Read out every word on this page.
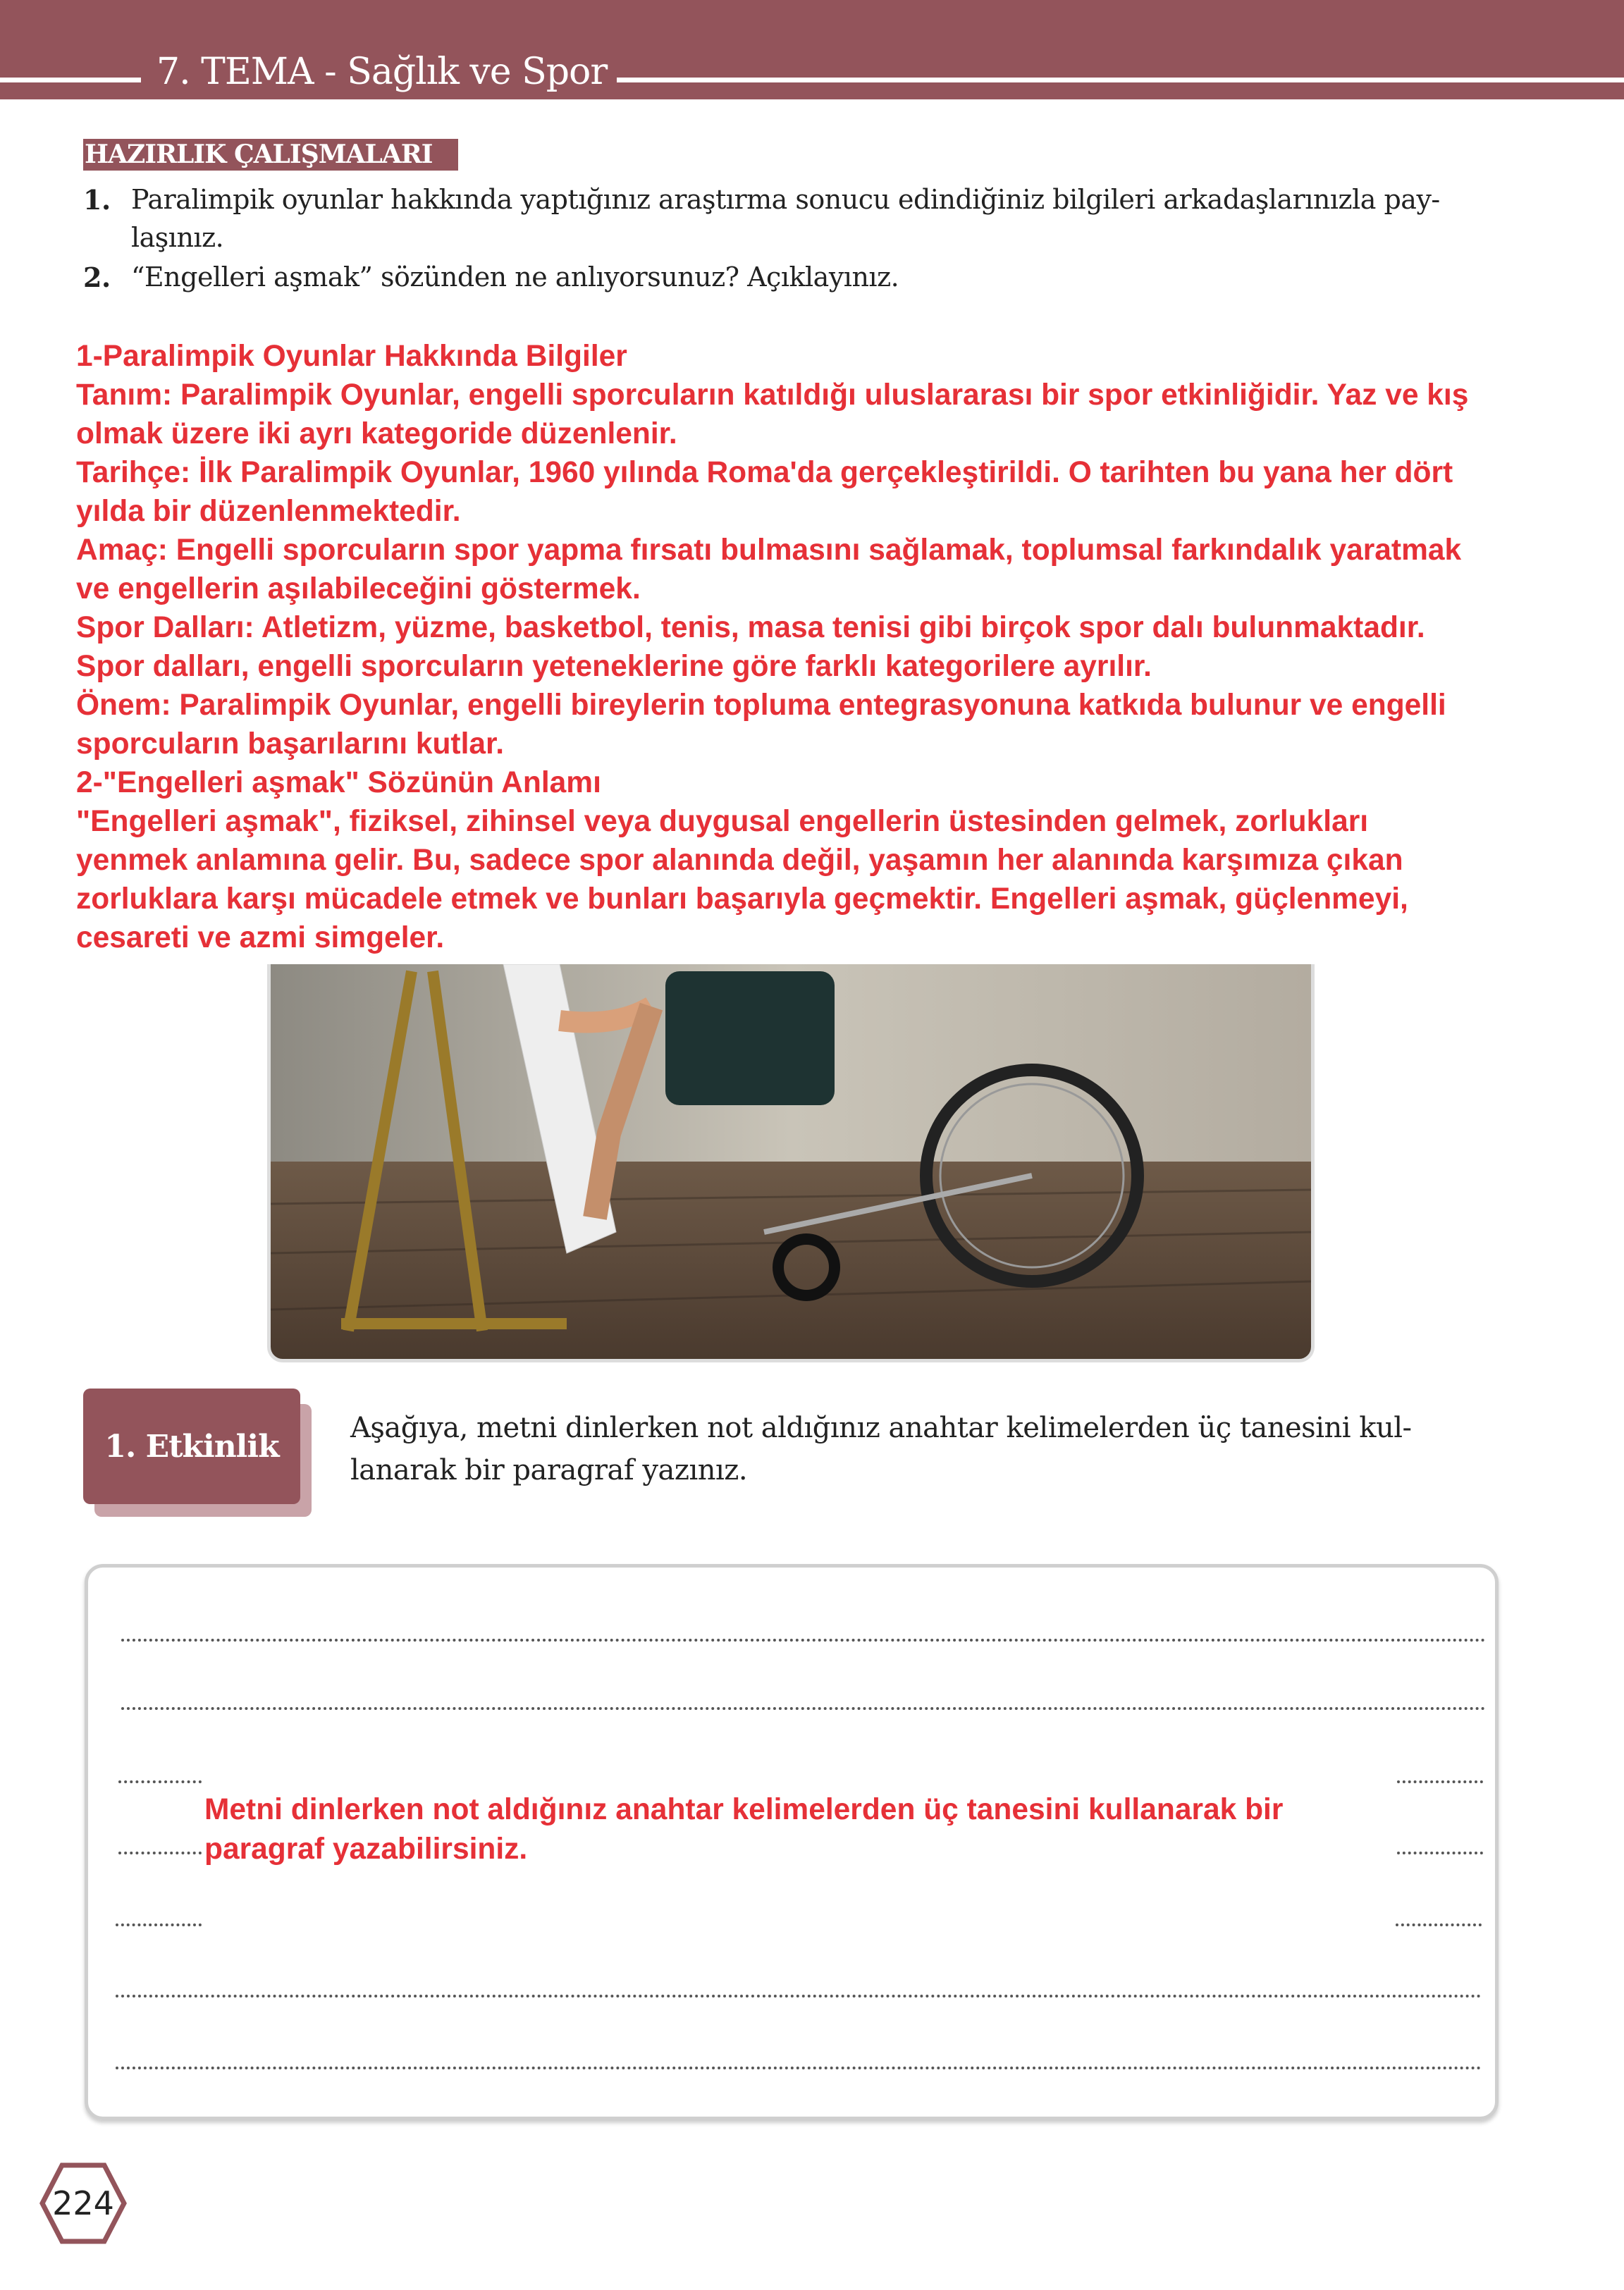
7. TEMA - Sağlık ve Spor
HAZIRLIK ÇALIŞMALARI
1. Paralimpik oyunlar hakkında yaptığınız araştırma sonucu edindiğiniz bilgileri arkadaşlarınızla pay-
laşınız.
2. “Engelleri aşmak” sözünden ne anlıyorsunuz? Açıklayınız.
1-Paralimpik Oyunlar Hakkında Bilgiler
Tanım: Paralimpik Oyunlar, engelli sporcuların katıldığı uluslararası bir spor etkinliğidir. Yaz ve kış
olmak üzere iki ayrı kategoride düzenlenir.
Tarihçe: İlk Paralimpik Oyunlar, 1960 yılında Roma'da gerçekleştirildi. O tarihten bu yana her dört
yılda bir düzenlenmektedir.
Amaç: Engelli sporcuların spor yapma fırsatı bulmasını sağlamak, toplumsal farkındalık yaratmak
ve engellerin aşılabileceğini göstermek.
Spor Dalları: Atletizm, yüzme, basketbol, tenis, masa tenisi gibi birçok spor dalı bulunmaktadır.
Spor dalları, engelli sporcuların yeteneklerine göre farklı kategorilere ayrılır.
Önem: Paralimpik Oyunlar, engelli bireylerin topluma entegrasyonuna katkıda bulunur ve engelli
sporcuların başarılarını kutlar.
2-"Engelleri aşmak" Sözünün Anlamı
"Engelleri aşmak", fiziksel, zihinsel veya duygusal engellerin üstesinden gelmek, zorlukları
yenmek anlamına gelir. Bu, sadece spor alanında değil, yaşamın her alanında karşımıza çıkan
zorluklara karşı mücadele etmek ve bunları başarıyla geçmektir. Engelleri aşmak, güçlenmeyi,
cesareti ve azmi simgeler.
1. Etkinlik
Aşağıya, metni dinlerken not aldığınız anahtar kelimelerden üç tanesini kul-
lanarak bir paragraf yazınız.
Metni dinlerken not aldığınız anahtar kelimelerden üç tanesini kullanarak bir
paragraf yazabilirsiniz.
224
